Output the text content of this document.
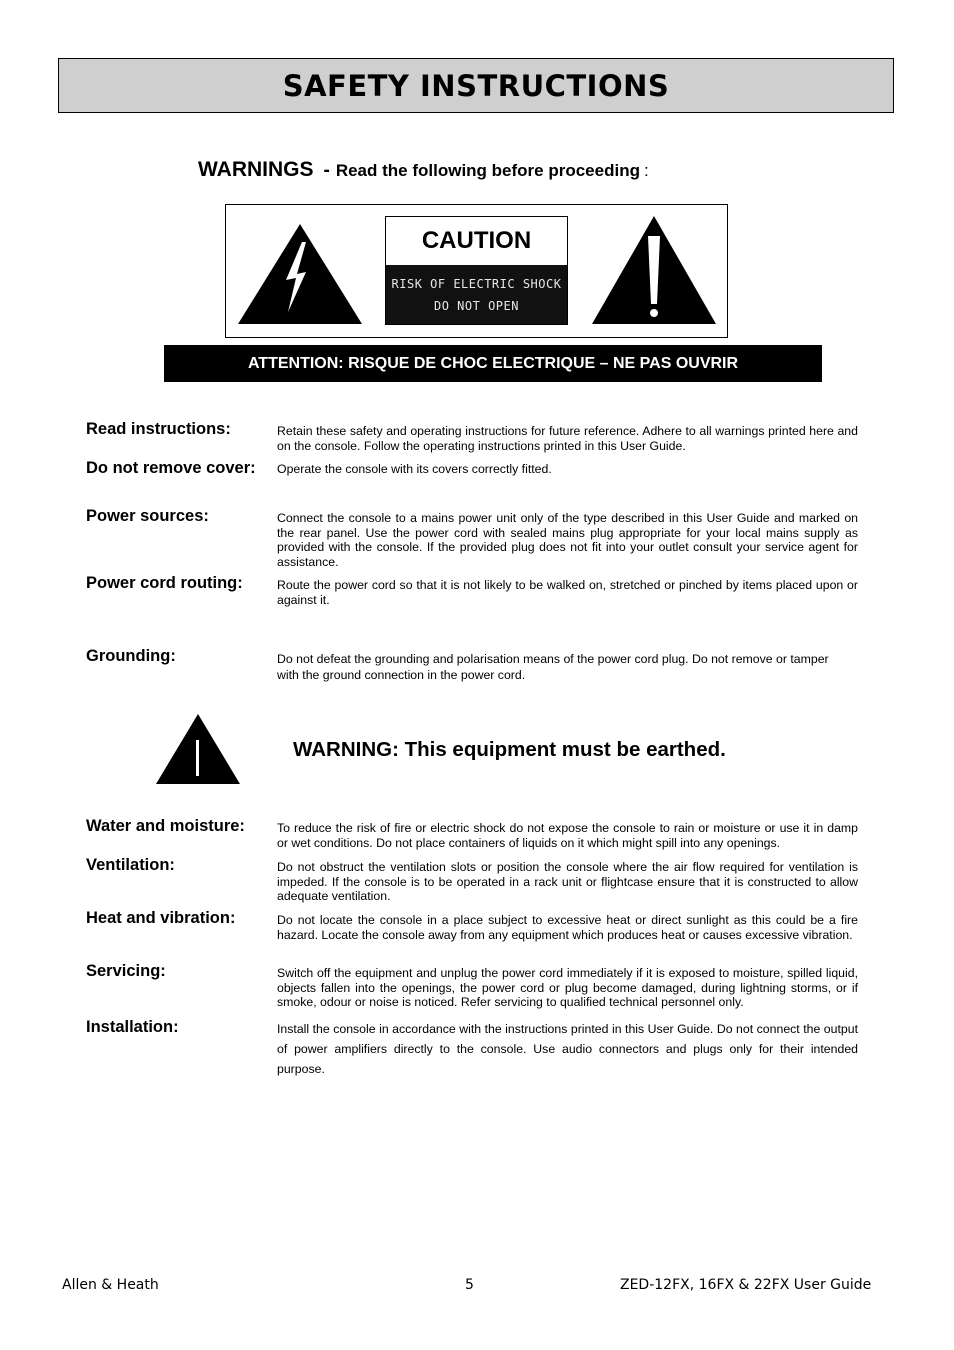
SAFETY INSTRUCTIONS
WARNINGS - Read the following before proceeding :
CAUTION
RISK OF ELECTRIC SHOCK
DO NOT OPEN
ATTENTION: RISQUE DE CHOC ELECTRIQUE – NE PAS OUVRIR
Read instructions:	Retain these safety and operating instructions for future reference. Adhere to all warnings printed here and on the console. Follow the operating instructions printed in this User Guide.
Do not remove cover: Operate the console with its covers correctly fitted.
Power sources:	Connect the console to a mains power unit only of the type described in this User Guide and marked on the rear panel. Use the power cord with sealed mains plug appropriate for your local mains supply as provided with the console. If the provided plug does not fit into your outlet consult your service agent for assistance.
Power cord routing:	Route the power cord so that it is not likely to be walked on, stretched or pinched by items placed upon or against it.
Grounding:	Do not defeat the grounding and polarisation means of the power cord plug. Do not remove or tamper with the ground connection in the power cord.
WARNING: This equipment must be earthed.
Water and moisture:	To reduce the risk of fire or electric shock do not expose the console to rain or moisture or use it in damp or wet conditions. Do not place containers of liquids on it which might spill into any openings.
Ventilation:	Do not obstruct the ventilation slots or position the console where the air flow required for ventilation is impeded. If the console is to be operated in a rack unit or flightcase ensure that it is constructed to allow adequate ventilation.
Heat and vibration:	Do not locate the console in a place subject to excessive heat or direct sunlight as this could be a fire hazard. Locate the console away from any equipment which produces heat or causes excessive vibration.
Servicing:	Switch off the equipment and unplug the power cord immediately if it is exposed to moisture, spilled liquid, objects fallen into the openings, the power cord or plug become damaged, during lightning storms, or if smoke, odour or noise is noticed. Refer servicing to qualified technical personnel only.
Installation:	Install the console in accordance with the instructions printed in this User Guide. Do not connect the output of power amplifiers directly to the console. Use audio connectors and plugs only for their intended purpose.
Allen & Heath	5	ZED-12FX, 16FX & 22FX User Guide
